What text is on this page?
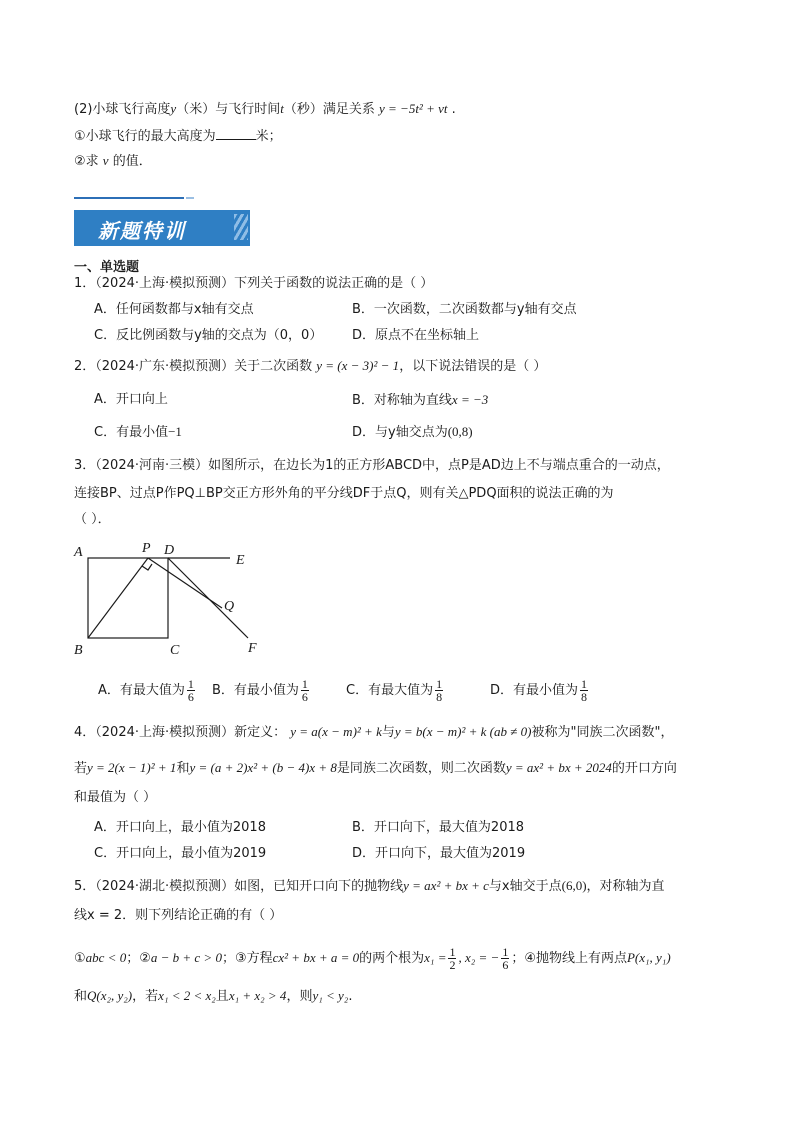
(2)小球飞行高度y（米）与飞行时间t（秒）满足关系 y = −5t² + vt .
①小球飞行的最大高度为	米；
②求 v 的值．
新题特训
一、单选题
1．（2024·上海·模拟预测）下列关于函数的说法正确的是（ ）
A．任何函数都与x轴有交点	B．一次函数，二次函数都与y轴有交点
C．反比例函数与y轴的交点为（0，0） D．原点不在坐标轴上
2．（2024·广东·模拟预测）关于二次函数 y = (x − 3)² − 1，以下说法错误的是（ ）
A．开口向上	B．对称轴为直线x = −3
C．有最小值−1	D．与y轴交点为(0,8)
3．（2024·河南·三模）如图所示，在边长为1的正方形ABCD中，点P是AD边上不与端点重合的一动点，
连接BP、过点P作PQ⊥BP交正方形外角的平分线DF于点Q，则有关△PDQ面积的说法正确的为
（ ）．
A	P D
E
Q
B	C	F
A．有最大值为 $\frac{1}{6}$ B．有最小值为 $\frac{1}{6}$	C．有最大值为 $\frac{1}{8}$	D．有最小值为 $\frac{1}{8}$
4．（2024·上海·模拟预测）新定义： y = a(x − m)² + k与y = b(x − m)² + k (ab ≠ 0)被称为"同族二次函数"，
若y = 2(x − 1)² + 1和y = (a + 2)x² + (b − 4)x + 8是同族二次函数，则二次函数y = ax² + bx + 2024的开口方向
和最值为（ ）
A．开口向上，最小值为2018	B．开口向下，最大值为2018
C．开口向上，最小值为2019	D．开口向下，最大值为2019
5．（2024·湖北·模拟预测）如图，已知开口向下的抛物线y = ax² + bx + c与x轴交于点(6,0)，对称轴为直
线x = 2．则下列结论正确的有（ ）
①abc < 0；②a − b + c > 0；③方程cx² + bx + a = 0的两个根为$x_1 = \frac{1}{2}$ , x₂ = − $\frac{1}{6}$ ；④抛物线上有两点P(x₁, y₁)
和Q(x₂, y₂)，若x₁ < 2 < x₂且x₁ + x₂ > 4，则y₁ < y₂.
